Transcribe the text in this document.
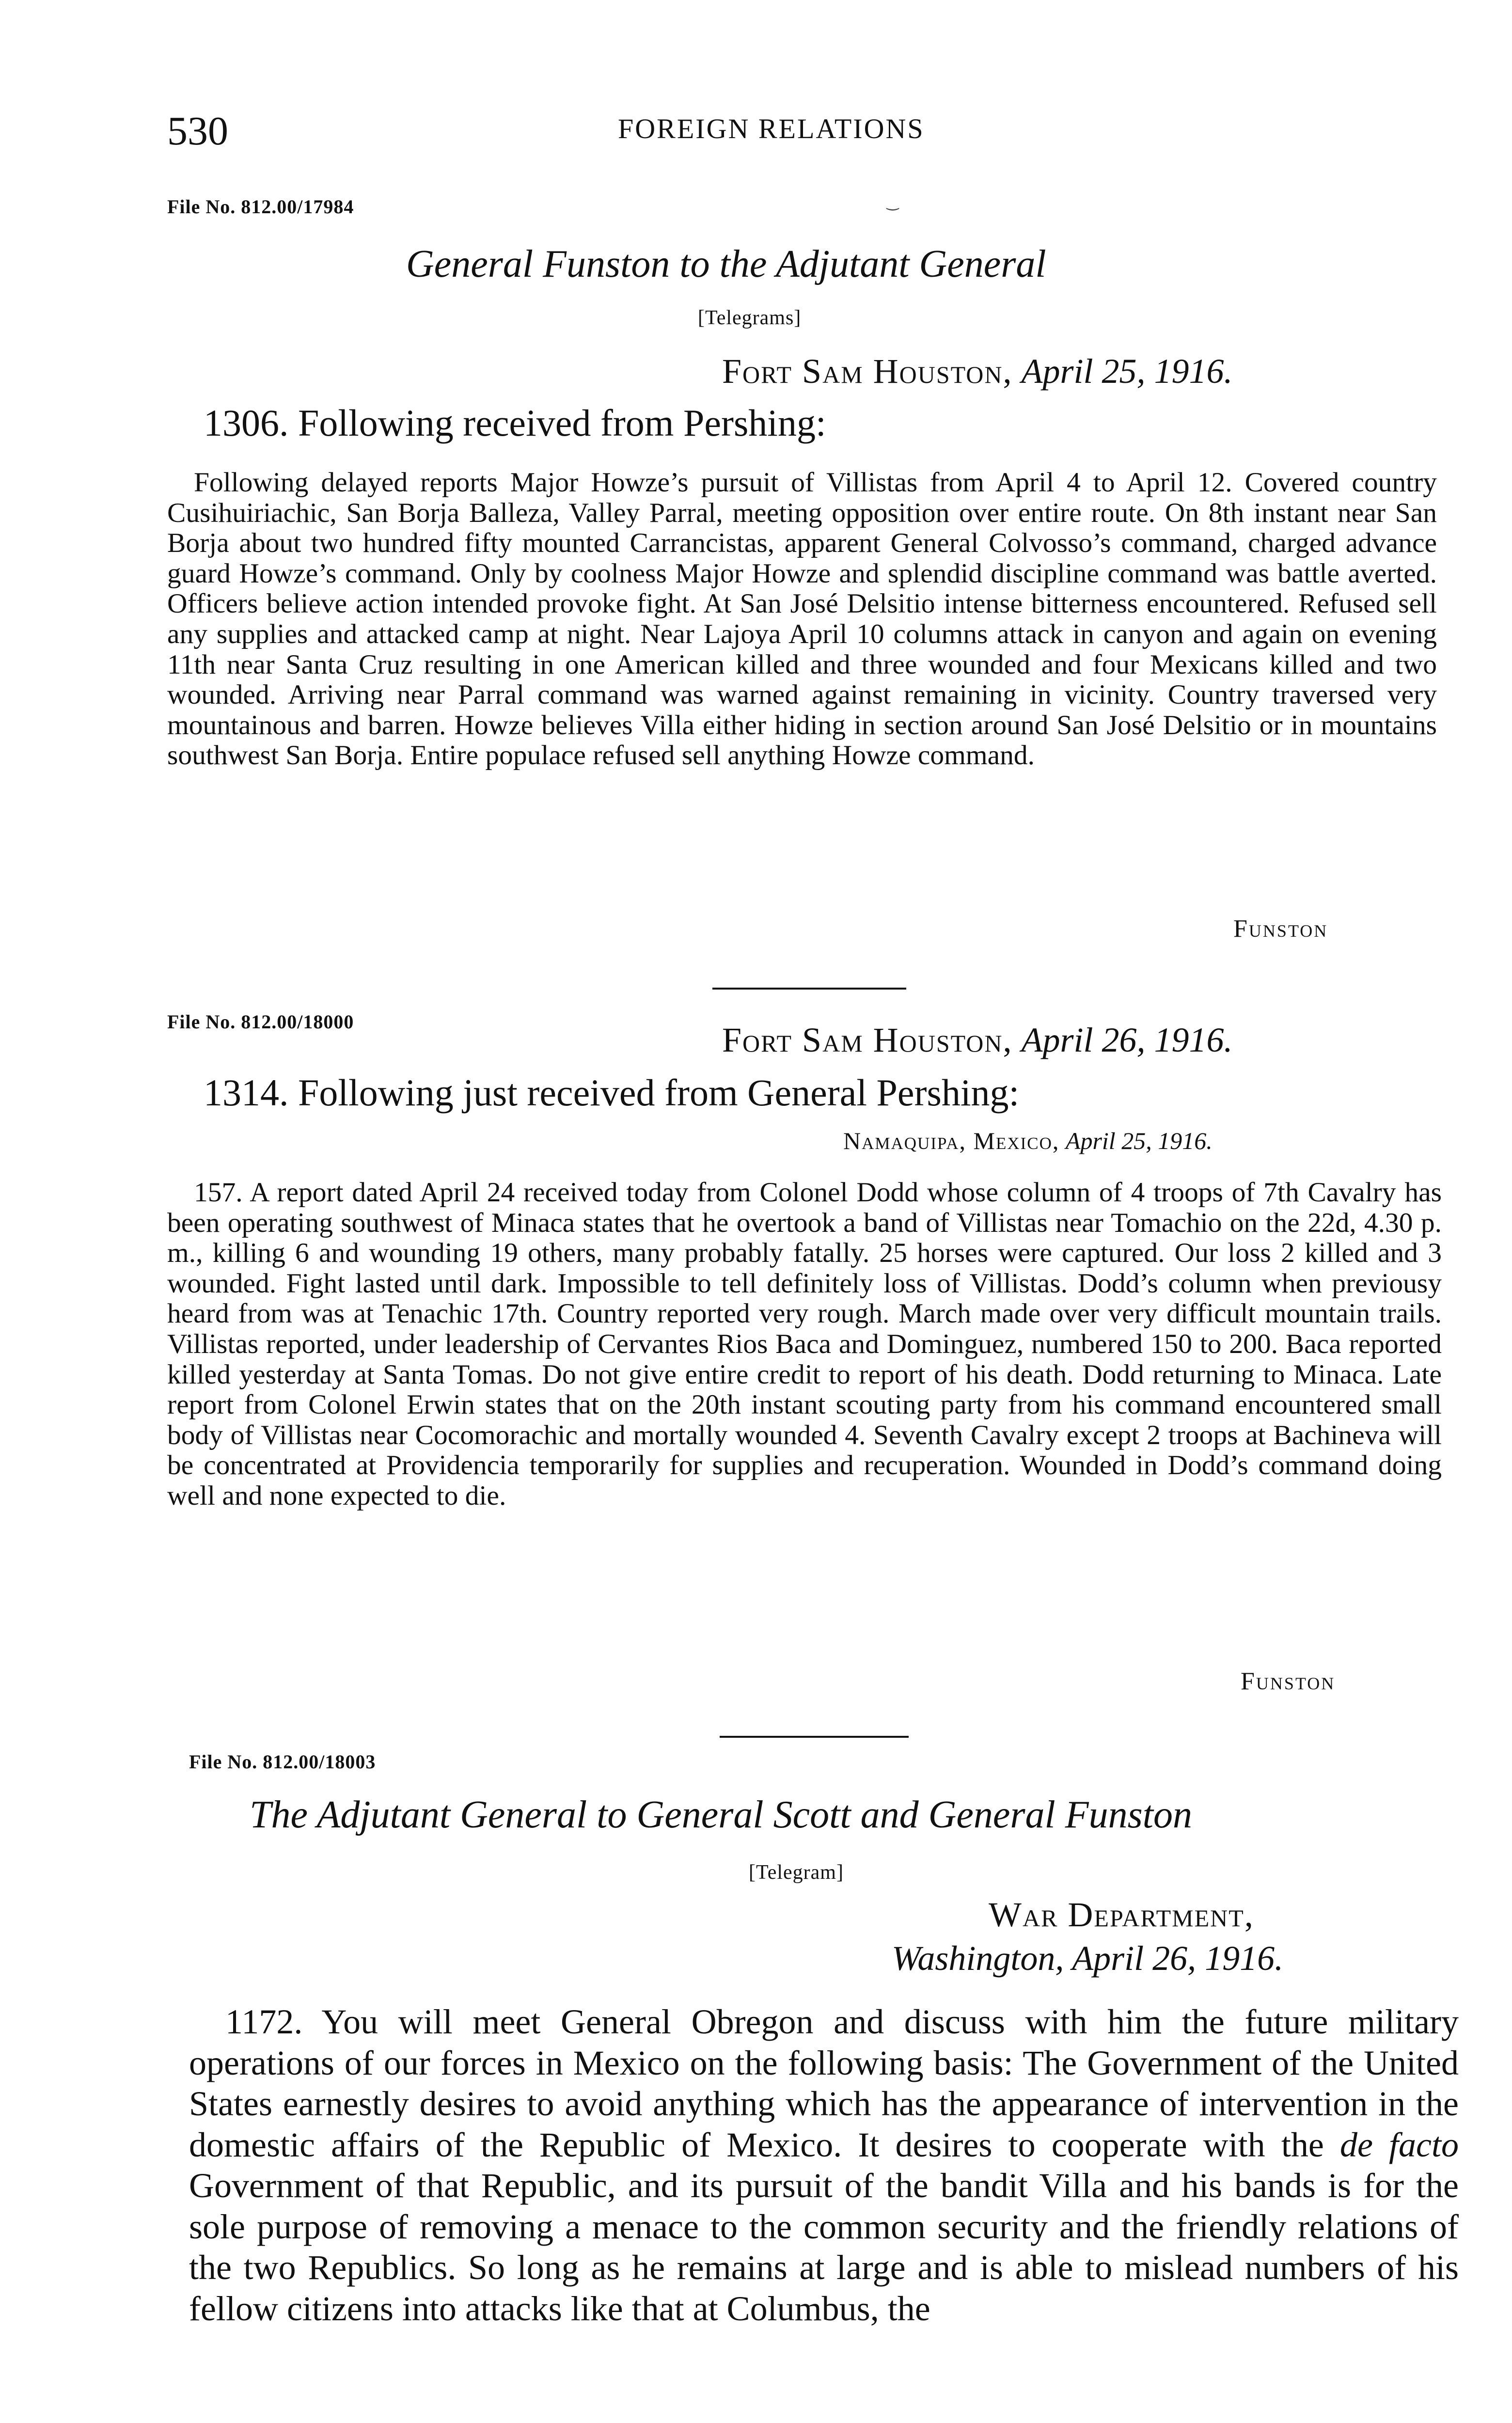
530	FOREIGN RELATIONS
File No. 812.00/17984	‿
General Funston to the Adjutant General
[Telegrams]
Fort Sam Houston, April 25, 1916.
1306. Following received from Pershing:

Following delayed reports Major Howze’s pursuit of Villistas from April 4 to April 12. Covered country Cusihuiriachic, San Borja Balleza, Valley Parral, meeting opposition over entire route. On 8th instant near San Borja about two hundred fifty mounted Carrancistas, apparent General Colvosso’s command, charged advance guard Howze’s command. Only by coolness Major Howze and splendid discipline command was battle averted. Officers believe action intended provoke fight. At San José Delsitio intense bitterness encountered. Refused sell any supplies and attacked camp at night. Near Lajoya April 10 columns attack in canyon and again on evening 11th near Santa Cruz resulting in one American killed and three wounded and four Mexicans killed and two wounded. Arriving near Parral command was warned against remaining in vicinity. Country traversed very mountainous and barren. Howze believes Villa either hiding in section around San José Delsitio or in mountains southwest San Borja. Entire populace refused sell anything Howze command.

Funston
File No. 812.00/18000	Fort Sam Houston, April 26, 1916.
1314. Following just received from General Pershing:
Namaquipa, Mexico, April 25, 1916.

157. A report dated April 24 received today from Colonel Dodd whose column of 4 troops of 7th Cavalry has been operating southwest of Minaca states that he overtook a band of Villistas near Tomachio on the 22d, 4.30 p. m., killing 6 and wounding 19 others, many probably fatally. 25 horses were captured. Our loss 2 killed and 3 wounded. Fight lasted until dark. Impossible to tell definitely loss of Villistas. Dodd’s column when previousy heard from was at Tenachic 17th. Country reported very rough. March made over very difficult mountain trails. Villistas reported, under leadership of Cervantes Rios Baca and Dominguez, numbered 150 to 200. Baca reported killed yesterday at Santa Tomas. Do not give entire credit to report of his death. Dodd returning to Minaca. Late report from Colonel Erwin states that on the 20th instant scouting party from his command encountered small body of Villistas near Cocomorachic and mortally wounded 4. Seventh Cavalry except 2 troops at Bachineva will be concentrated at Providencia temporarily for supplies and recuperation. Wounded in Dodd’s command doing well and none expected to die.

Funston
File No. 812.00/18003
The Adjutant General to General Scott and General Funston
[Telegram]
War Department,
Washington, April 26, 1916.

1172. You will meet General Obregon and discuss with him the future military operations of our forces in Mexico on the following basis: The Government of the United States earnestly desires to avoid anything which has the appearance of intervention in the domestic affairs of the Republic of Mexico. It desires to cooperate with the de facto Government of that Republic, and its pursuit of the bandit Villa and his bands is for the sole purpose of removing a menace to the common security and the friendly relations of the two Republics. So long as he remains at large and is able to mislead numbers of his fellow citizens into attacks like that at Columbus, the
